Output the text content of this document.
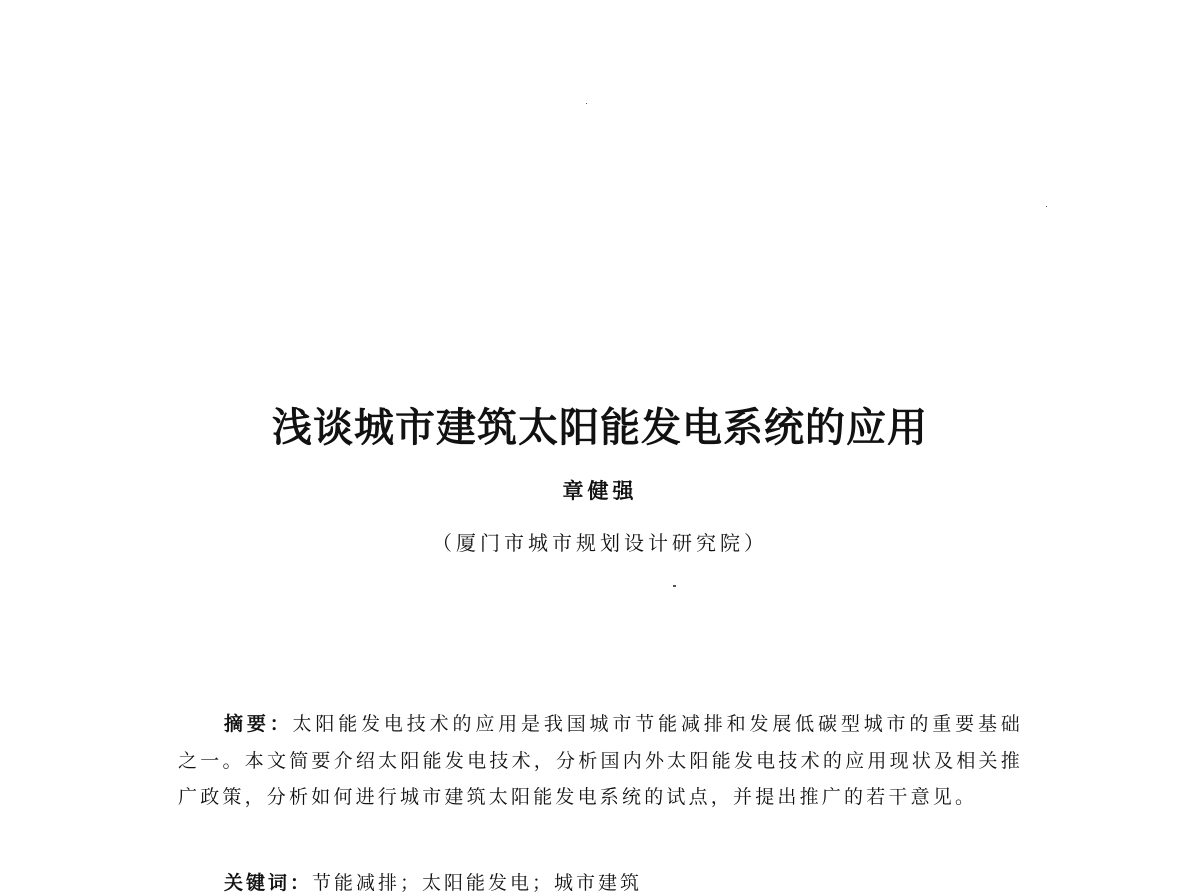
浅谈城市建筑太阳能发电系统的应用
章健强
（厦门市城市规划设计研究院）

摘要：太阳能发电技术的应用是我国城市节能减排和发展低碳型城市的重要基础之一。本文简要介绍太阳能发电技术，分析国内外太阳能发电技术的应用现状及相关推广政策，分析如何进行城市建筑太阳能发电系统的试点，并提出推广的若干意见。

关键词：节能减排；太阳能发电；城市建筑
